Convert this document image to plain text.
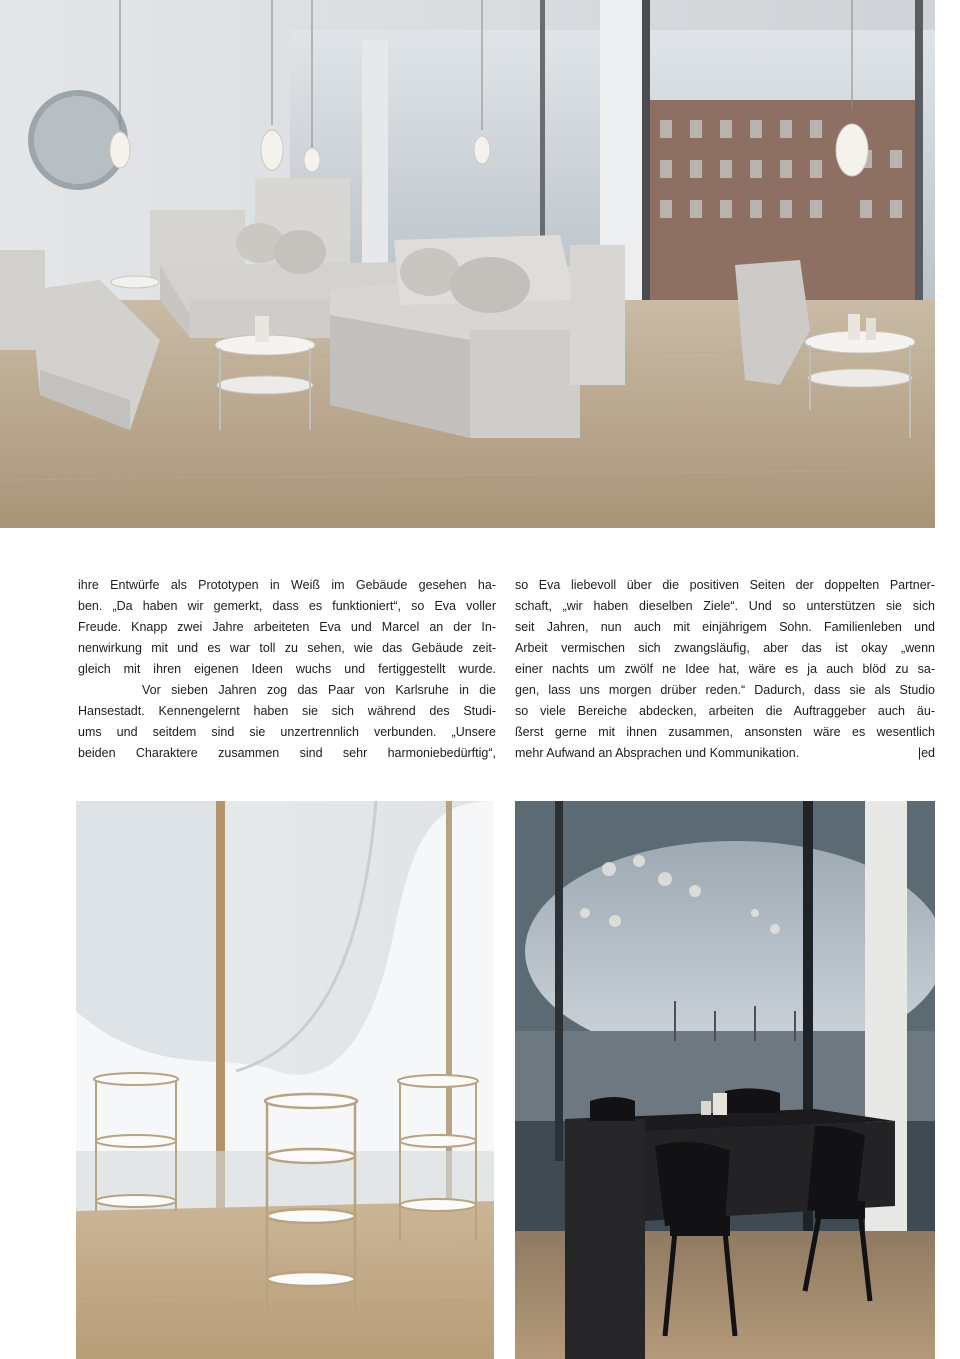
ihre Entwürfe als Prototypen in Weiß im Gebäude gesehen ha-
ben. „Da haben wir gemerkt, dass es funktioniert“, so Eva voller
Freude. Knapp zwei Jahre arbeiteten Eva und Marcel an der In-
nenwirkung mit und es war toll zu sehen, wie das Gebäude zeit-
gleich mit ihren eigenen Ideen wuchs und fertiggestellt wurde.
Vor sieben Jahren zog das Paar von Karlsruhe in die
Hansestadt. Kennengelernt haben sie sich während des Studi-
ums und seitdem sind sie unzertrennlich verbunden. „Unsere
beiden Charaktere zusammen sind sehr harmoniebedürftig“,

so Eva liebevoll über die positiven Seiten der doppelten Partner-
schaft, „wir haben dieselben Ziele“. Und so unterstützen sie sich
seit Jahren, nun auch mit einjährigem Sohn. Familienleben und
Arbeit vermischen sich zwangsläufig, aber das ist okay „wenn
einer nachts um zwölf ne Idee hat, wäre es ja auch blöd zu sa-
gen, lass uns morgen drüber reden.“ Dadurch, dass sie als Studio
so viele Bereiche abdecken, arbeiten die Auftraggeber auch äu-
ßerst gerne mit ihnen zusammen, ansonsten wäre es wesentlich
mehr Aufwand an Absprachen und Kommunikation.	|ed
